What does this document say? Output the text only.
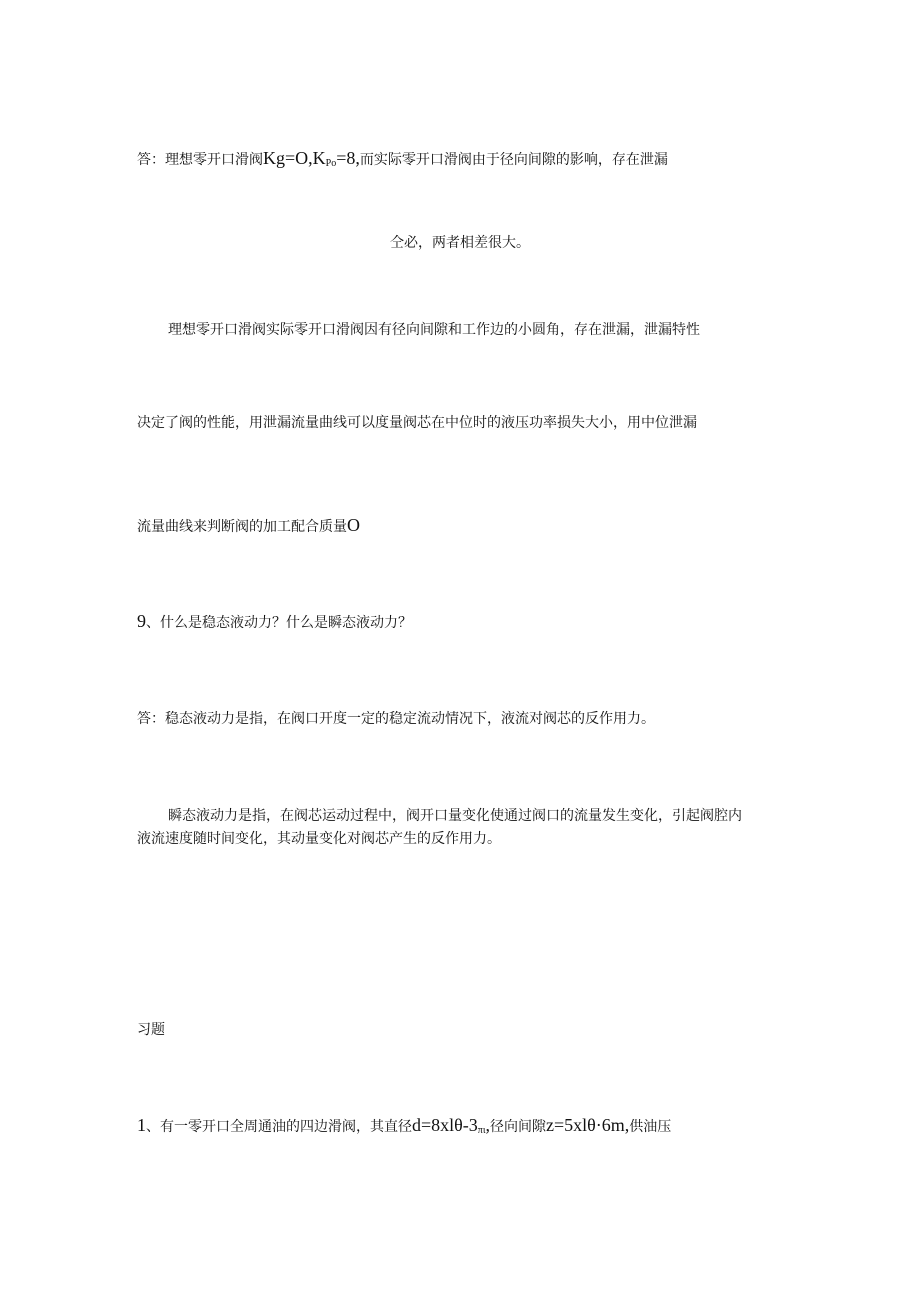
答：理想零开口滑阀$Kg=O,K_{Po}=8$,而实际零开口滑阀由于径向间隙的影响，存在泄漏
仝必，两者相差很大。
理想零开口滑阀实际零开口滑阀因有径向间隙和工作边的小圆角，存在泄漏，泄漏特性
决定了阀的性能，用泄漏流量曲线可以度量阀芯在中位时的液压功率损失大小，用中位泄漏
流量曲线来判断阀的加工配合质量O
9、什么是稳态液动力？什么是瞬态液动力？
答：稳态液动力是指，在阀口开度一定的稳定流动情况下，液流对阀芯的反作用力。
瞬态液动力是指，在阀芯运动过程中，阀开口量变化使通过阀口的流量发生变化，引起阀腔内
液流速度随时间变化，其动量变化对阀芯产生的反作用力。
习题
1、有一零开口全周通油的四边滑阀，其直径$d=8xl\theta-3_{\pi\iota}$,径向间隙z=5xlθ·6m,供油压
